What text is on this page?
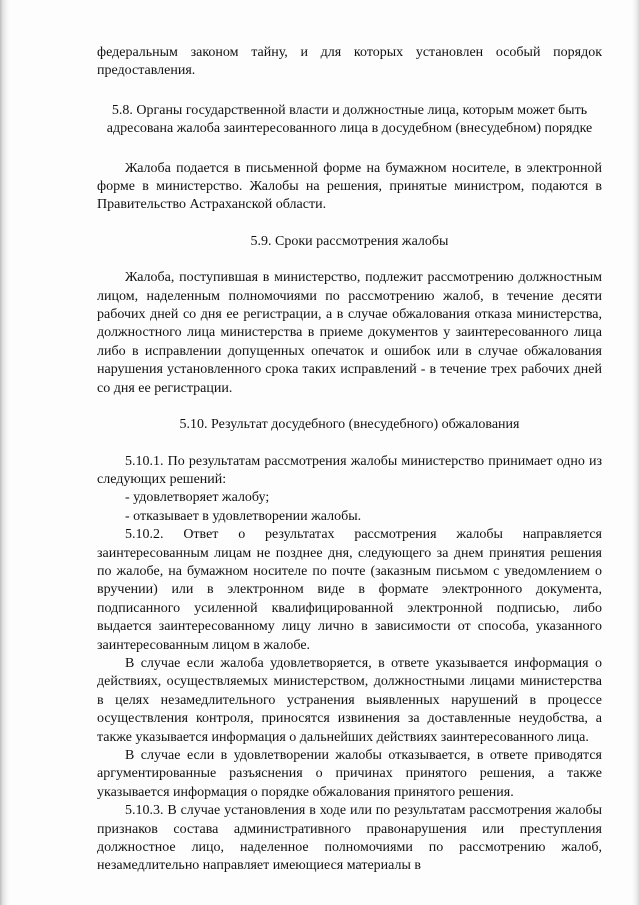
федеральным законом тайну, и для которых установлен особый порядок предоставления.

5.8. Органы государственной власти и должностные лица, которым может быть адресована жалоба заинтересованного лица в досудебном (внесудебном) порядке

Жалоба подается в письменной форме на бумажном носителе, в электронной форме в министерство. Жалобы на решения, принятые министром, подаются в Правительство Астраханской области.

5.9. Сроки рассмотрения жалобы

Жалоба, поступившая в министерство, подлежит рассмотрению должностным лицом, наделенным полномочиями по рассмотрению жалоб, в течение десяти рабочих дней со дня ее регистрации, а в случае обжалования отказа министерства, должностного лица министерства в приеме документов у заинтересованного лица либо в исправлении допущенных опечаток и ошибок или в случае обжалования нарушения установленного срока таких исправлений - в течение трех рабочих дней со дня ее регистрации.

5.10. Результат досудебного (внесудебного) обжалования

5.10.1. По результатам рассмотрения жалобы министерство принимает одно из следующих решений:

- удовлетворяет жалобу;

- отказывает в удовлетворении жалобы.

5.10.2. Ответ о результатах рассмотрения жалобы направляется заинтересованным лицам не позднее дня, следующего за днем принятия решения по жалобе, на бумажном носителе по почте (заказным письмом с уведомлением о вручении) или в электронном виде в формате электронного документа, подписанного усиленной квалифицированной электронной подписью, либо выдается заинтересованному лицу лично в зависимости от способа, указанного заинтересованным лицом в жалобе.

В случае если жалоба удовлетворяется, в ответе указывается информация о действиях, осуществляемых министерством, должностными лицами министерства в целях незамедлительного устранения выявленных нарушений в процессе осуществления контроля, приносятся извинения за доставленные неудобства, а также указывается информация о дальнейших действиях заинтересованного лица.

В случае если в удовлетворении жалобы отказывается, в ответе приводятся аргументированные разъяснения о причинах принятого решения, а также указывается информация о порядке обжалования принятого решения.

5.10.3. В случае установления в ходе или по результатам рассмотрения жалобы признаков состава административного правонарушения или преступления должностное лицо, наделенное полномочиями по рассмотрению жалоб, незамедлительно направляет имеющиеся материалы в
